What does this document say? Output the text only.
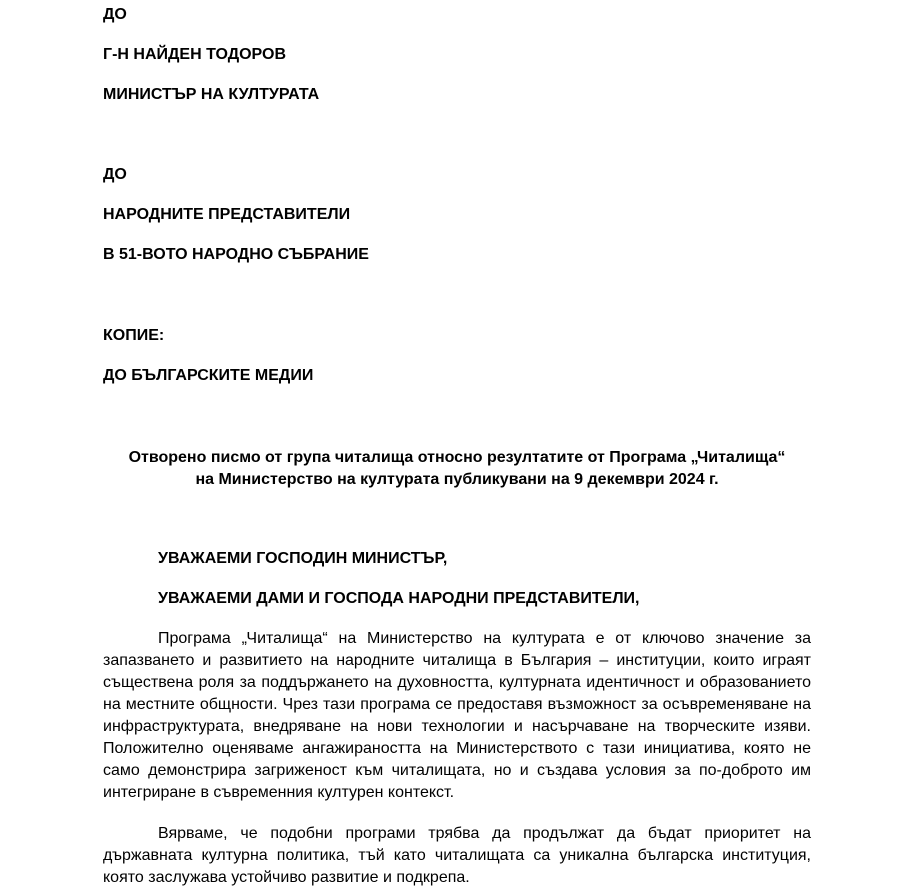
ДО
Г-Н НАЙДЕН ТОДОРОВ
МИНИСТЪР НА КУЛТУРАТА
ДО
НАРОДНИТЕ ПРЕДСТАВИТЕЛИ
В 51-ВОТО НАРОДНО СЪБРАНИЕ
КОПИЕ:
ДО БЪЛГАРСКИТЕ МЕДИИ
Отворено писмо от група читалища относно резултатите от Програма „Читалища“
на Министерство на културата публикувани на 9 декември 2024 г.
УВАЖАЕМИ ГОСПОДИН МИНИСТЪР,
УВАЖАЕМИ ДАМИ И ГОСПОДА НАРОДНИ ПРЕДСТАВИТЕЛИ,

Програма „Читалища“ на Министерство на културата е от ключово значение за запазването и развитието на народните читалища в България – институции, които играят съществена роля за поддържането на духовността, културната идентичност и образованието на местните общности. Чрез тази програма се предоставя възможност за осъвременяване на инфраструктурата, внедряване на нови технологии и насърчаване на творческите изяви. Положително оценяваме ангажираността на Министерството с тази инициатива, която не само демонстрира загриженост към читалищата, но и създава условия за по-доброто им интегриране в съвременния културен контекст.

Вярваме, че подобни програми трябва да продължат да бъдат приоритет на държавната културна политика, тъй като читалищата са уникална българска институция, която заслужава устойчиво развитие и подкрепа.
